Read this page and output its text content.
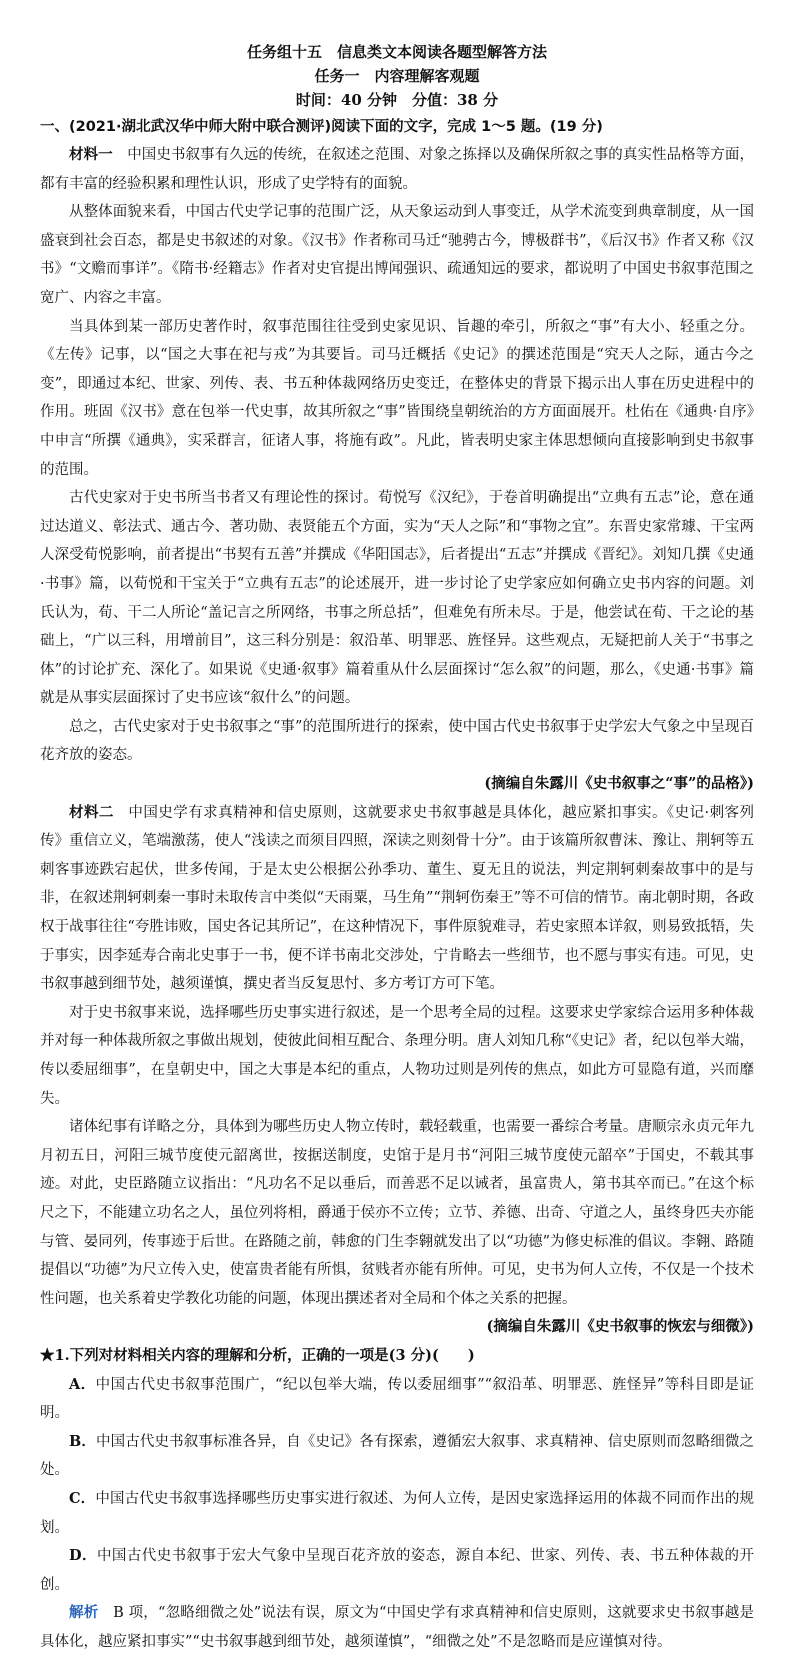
任务组十五　信息类文本阅读各题型解答方法
任务一　内容理解客观题
时间：40 分钟　分值：38 分
一、(2021·湖北武汉华中师大附中联合测评)阅读下面的文字，完成 1～5 题。(19 分)

材料一 中国史书叙事有久远的传统，在叙述之范围、对象之拣择以及确保所叙之事的真实性品格等方面，都有丰富的经验积累和理性认识，形成了史学特有的面貌。

从整体面貌来看，中国古代史学记事的范围广泛，从天象运动到人事变迁，从学术流变到典章制度，从一国盛衰到社会百态，都是史书叙述的对象。《汉书》作者称司马迁“驰骋古今，博极群书”，《后汉书》作者又称《汉书》“文赡而事详”。《隋书·经籍志》作者对史官提出博闻强识、疏通知远的要求，都说明了中国史书叙事范围之宽广、内容之丰富。

当具体到某一部历史著作时，叙事范围往往受到史家见识、旨趣的牵引，所叙之“事”有大小、轻重之分。《左传》记事，以“国之大事在祀与戎”为其要旨。司马迁概括《史记》的撰述范围是“究天人之际，通古今之变”，即通过本纪、世家、列传、表、书五种体裁网络历史变迁，在整体史的背景下揭示出人事在历史进程中的作用。班固《汉书》意在包举一代史事，故其所叙之“事”皆围绕皇朝统治的方方面面展开。杜佑在《通典·自序》中申言“所撰《通典》，实采群言，征诸人事，将施有政”。凡此，皆表明史家主体思想倾向直接影响到史书叙事的范围。

古代史家对于史书所当书者又有理论性的探讨。荀悦写《汉纪》，于卷首明确提出“立典有五志”论，意在通过达道义、彰法式、通古今、著功勋、表贤能五个方面，实为“天人之际”和“事物之宜”。东晋史家常璩、干宝两人深受荀悦影响，前者提出“书契有五善”并撰成《华阳国志》，后者提出“五志”并撰成《晋纪》。刘知几撰《史通·书事》篇，以荀悦和干宝关于“立典有五志”的论述展开，进一步讨论了史学家应如何确立史书内容的问题。刘氏认为，荀、干二人所论“盖记言之所网络，书事之所总括”，但难免有所未尽。于是，他尝试在荀、干之论的基础上，“广以三科，用增前目”，这三科分别是：叙沿革、明罪恶、旌怪异。这些观点，无疑把前人关于“书事之体”的讨论扩充、深化了。如果说《史通·叙事》篇着重从什么层面探讨“怎么叙”的问题，那么，《史通·书事》篇就是从事实层面探讨了史书应该“叙什么”的问题。

总之，古代史家对于史书叙事之“事”的范围所进行的探索，使中国古代史书叙事于史学宏大气象之中呈现百花齐放的姿态。

(摘编自朱露川《史书叙事之“事”的品格》)

材料二 中国史学有求真精神和信史原则，这就要求史书叙事越是具体化，越应紧扣事实。《史记·刺客列传》重信立义，笔端激荡，使人“浅读之而须目四照，深读之则刻骨十分”。由于该篇所叙曹沫、豫让、荆轲等五刺客事迹跌宕起伏，世多传闻，于是太史公根据公孙季功、董生、夏无且的说法，判定荆轲刺秦故事中的是与非，在叙述荆轲刺秦一事时未取传言中类似“天雨粟，马生角”“荆轲伤秦王”等不可信的情节。南北朝时期，各政权于战事往往“夸胜讳败，国史各记其所记”，在这种情况下，事件原貌难寻，若史家照本详叙，则易致抵牾，失于事实，因李延寿合南北史事于一书，便不详书南北交涉处，宁肯略去一些细节，也不愿与事实有违。可见，史书叙事越到细节处，越须谨慎，撰史者当反复思忖、多方考订方可下笔。

对于史书叙事来说，选择哪些历史事实进行叙述，是一个思考全局的过程。这要求史学家综合运用多种体裁并对每一种体裁所叙之事做出规划，使彼此间相互配合、条理分明。唐人刘知几称“《史记》者，纪以包举大端，传以委屈细事”，在皇朝史中，国之大事是本纪的重点，人物功过则是列传的焦点，如此方可显隐有道，兴而靡失。

诸体纪事有详略之分，具体到为哪些历史人物立传时，载轻载重，也需要一番综合考量。唐顺宗永贞元年九月初五日，河阳三城节度使元韶离世，按据送制度，史馆于是月书“河阳三城节度使元韶卒”于国史，不载其事迹。对此，史臣路随立议指出：“凡功名不足以垂后，而善恶不足以诫者，虽富贵人，第书其卒而已。”在这个标尺之下，不能建立功名之人，虽位列将相，爵通于侯亦不立传；立节、养德、出奇、守道之人，虽终身匹夫亦能与管、晏同列，传事迹于后世。在路随之前，韩愈的门生李翱就发出了以“功德”为修史标准的倡议。李翱、路随提倡以“功德”为尺立传入史，使富贵者能有所惧，贫贱者亦能有所伸。可见，史书为何人立传，不仅是一个技术性问题，也关系着史学教化功能的问题，体现出撰述者对全局和个体之关系的把握。

(摘编自朱露川《史书叙事的恢宏与细微》)
★1.下列对材料相关内容的理解和分析，正确的一项是(3 分)(　　)
A．中国古代史书叙事范围广，“纪以包举大端，传以委屈细事”“叙沿革、明罪恶、旌怪异”等科目即是证明。
B．中国古代史书叙事标准各异，自《史记》各有探索，遵循宏大叙事、求真精神、信史原则而忽略细微之处。
C．中国古代史书叙事选择哪些历史事实进行叙述、为何人立传，是因史家选择运用的体裁不同而作出的规划。
D．中国古代史书叙事于宏大气象中呈现百花齐放的姿态，源自本纪、世家、列传、表、书五种体裁的开创。
解析　 B 项，“忽略细微之处”说法有误，原文为“中国史学有求真精神和信史原则，这就要求史书叙事越是具体化，越应紧扣事实”“史书叙事越到细节处，越须谨慎”，“细微之处”不是忽略而是应谨慎对待。
